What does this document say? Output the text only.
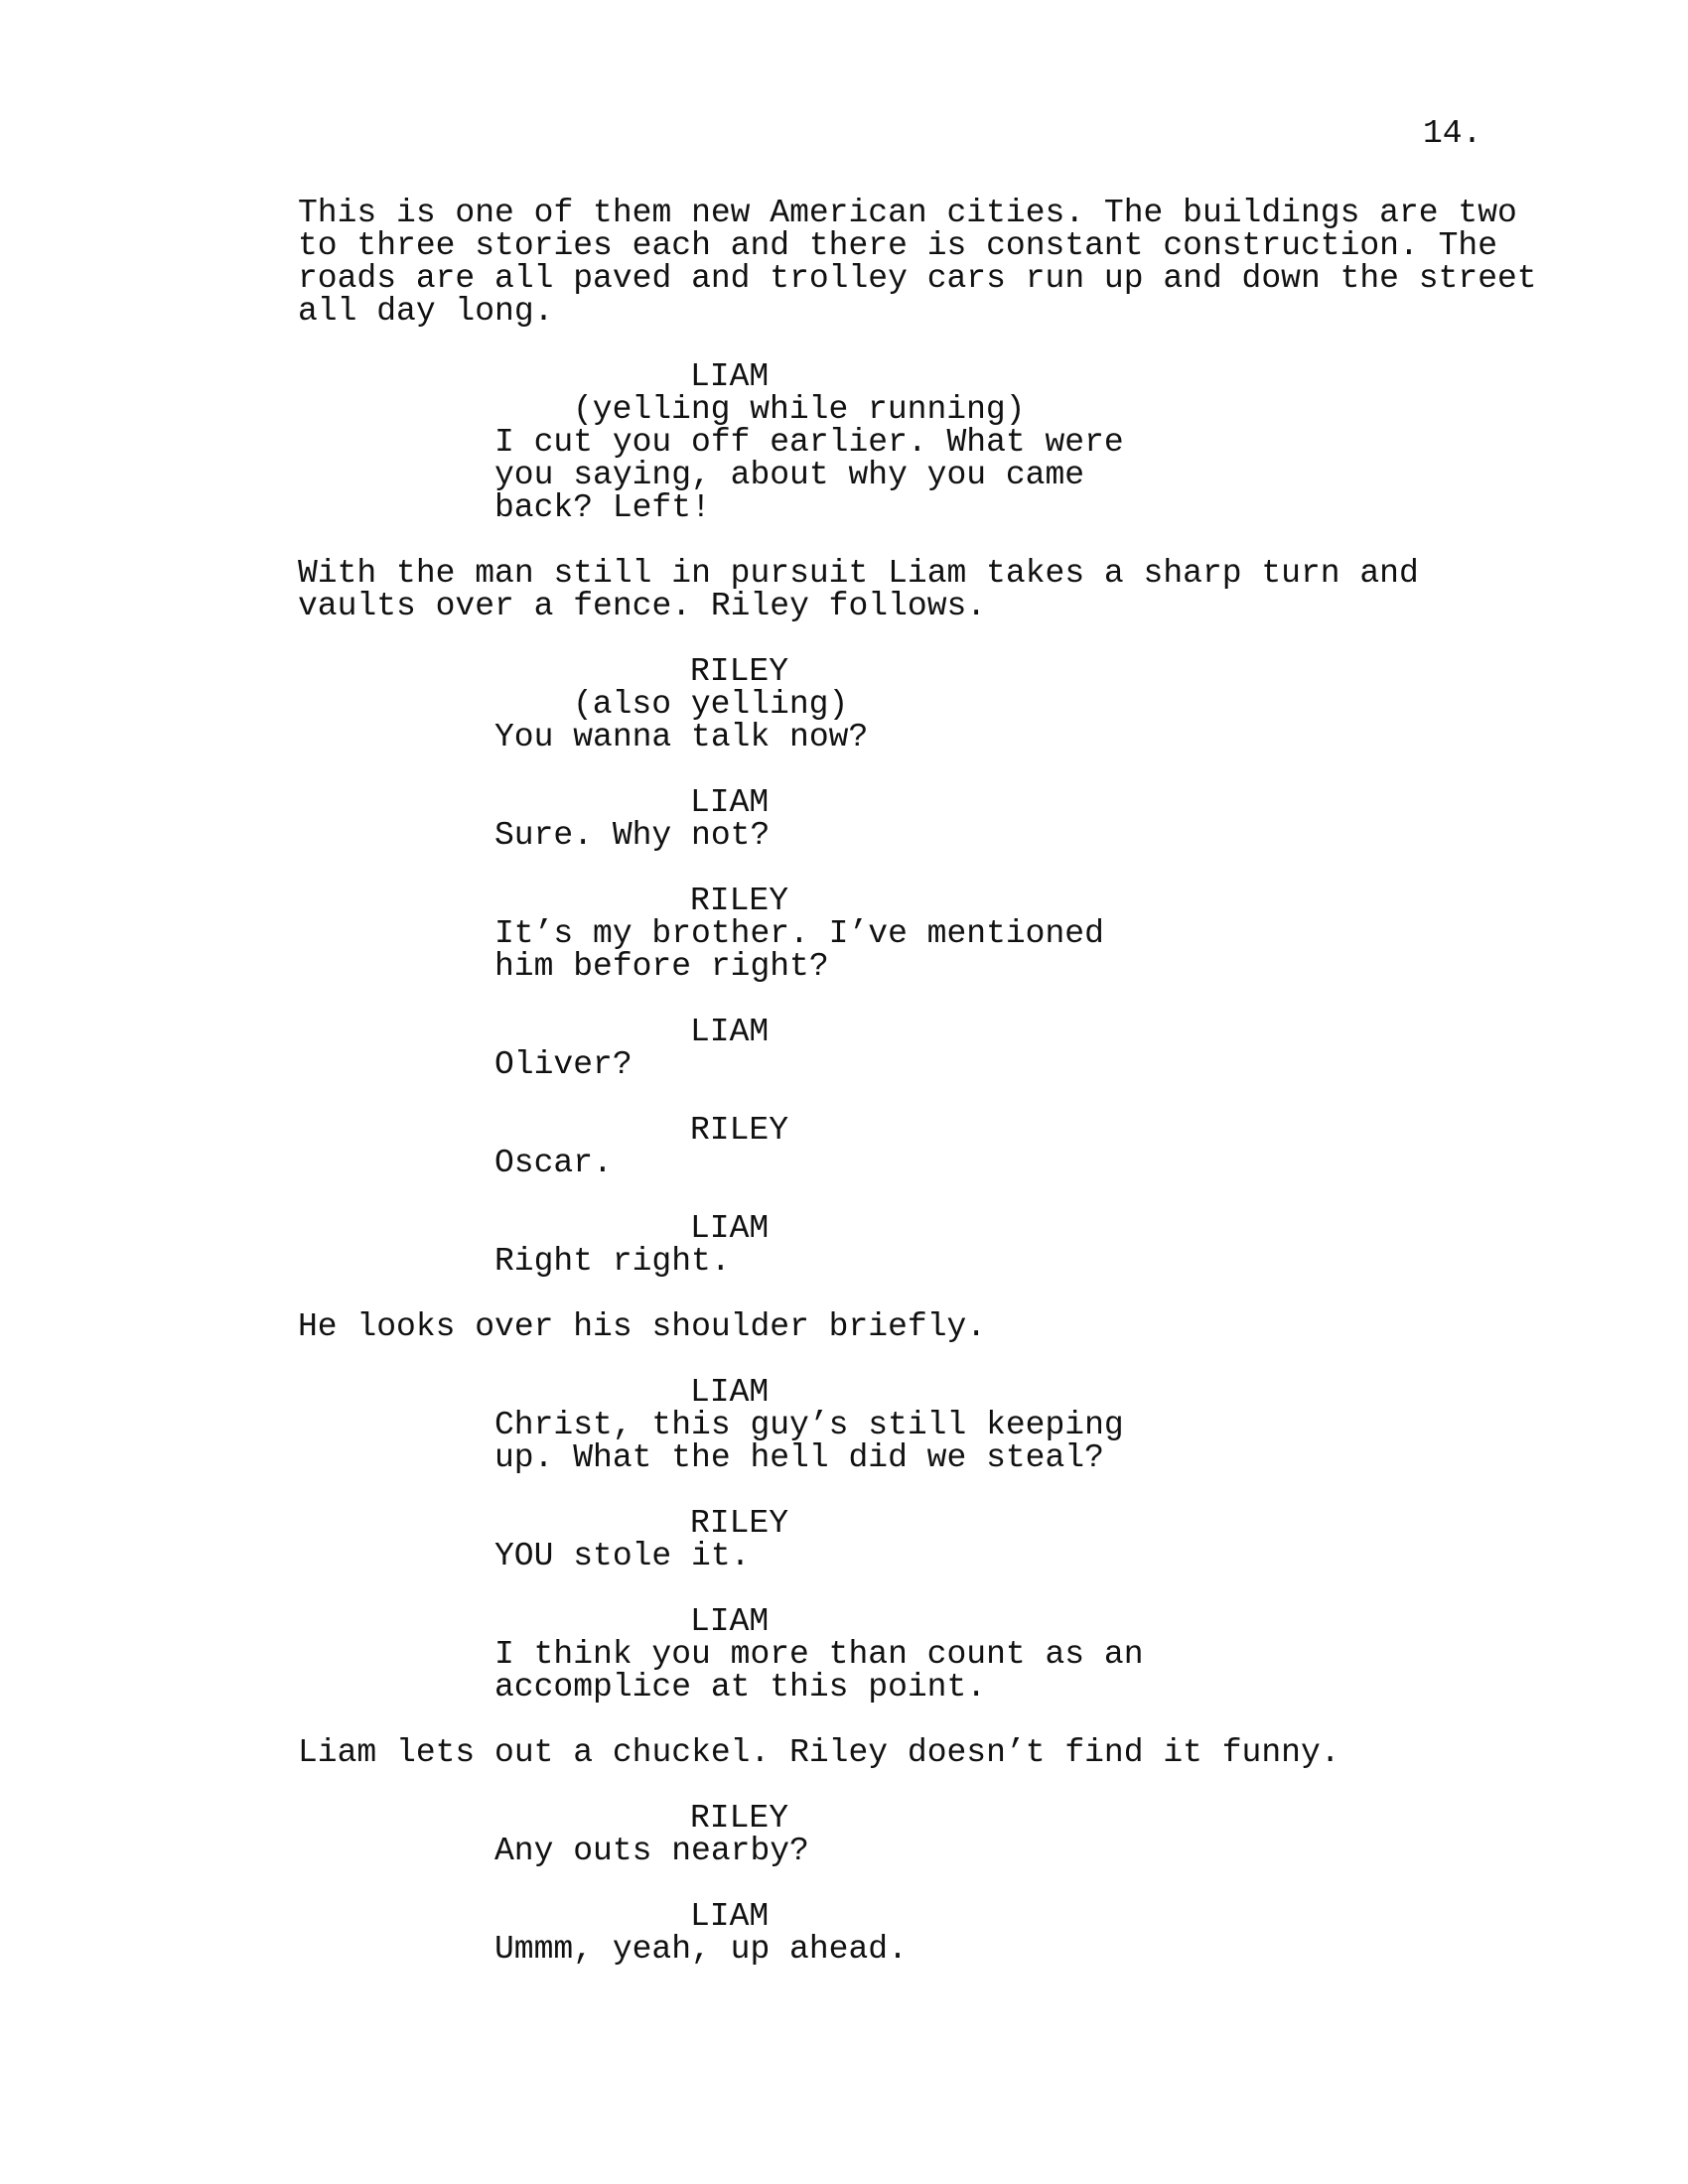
14.
This is one of them new American cities. The buildings are two
to three stories each and there is constant construction. The
roads are all paved and trolley cars run up and down the street
all day long.
LIAM
(yelling while running)
I cut you off earlier. What were
you saying, about why you came
back? Left!
With the man still in pursuit Liam takes a sharp turn and
vaults over a fence. Riley follows.
RILEY
(also yelling)
You wanna talk now?
LIAM
Sure. Why not?
RILEY
It’s my brother. I’ve mentioned
him before right?
LIAM
Oliver?
RILEY
Oscar.
LIAM
Right right.
He looks over his shoulder briefly.
LIAM
Christ, this guy’s still keeping
up. What the hell did we steal?
RILEY
YOU stole it.
LIAM
I think you more than count as an
accomplice at this point.
Liam lets out a chuckel. Riley doesn’t find it funny.
RILEY
Any outs nearby?
LIAM
Ummm, yeah, up ahead.
